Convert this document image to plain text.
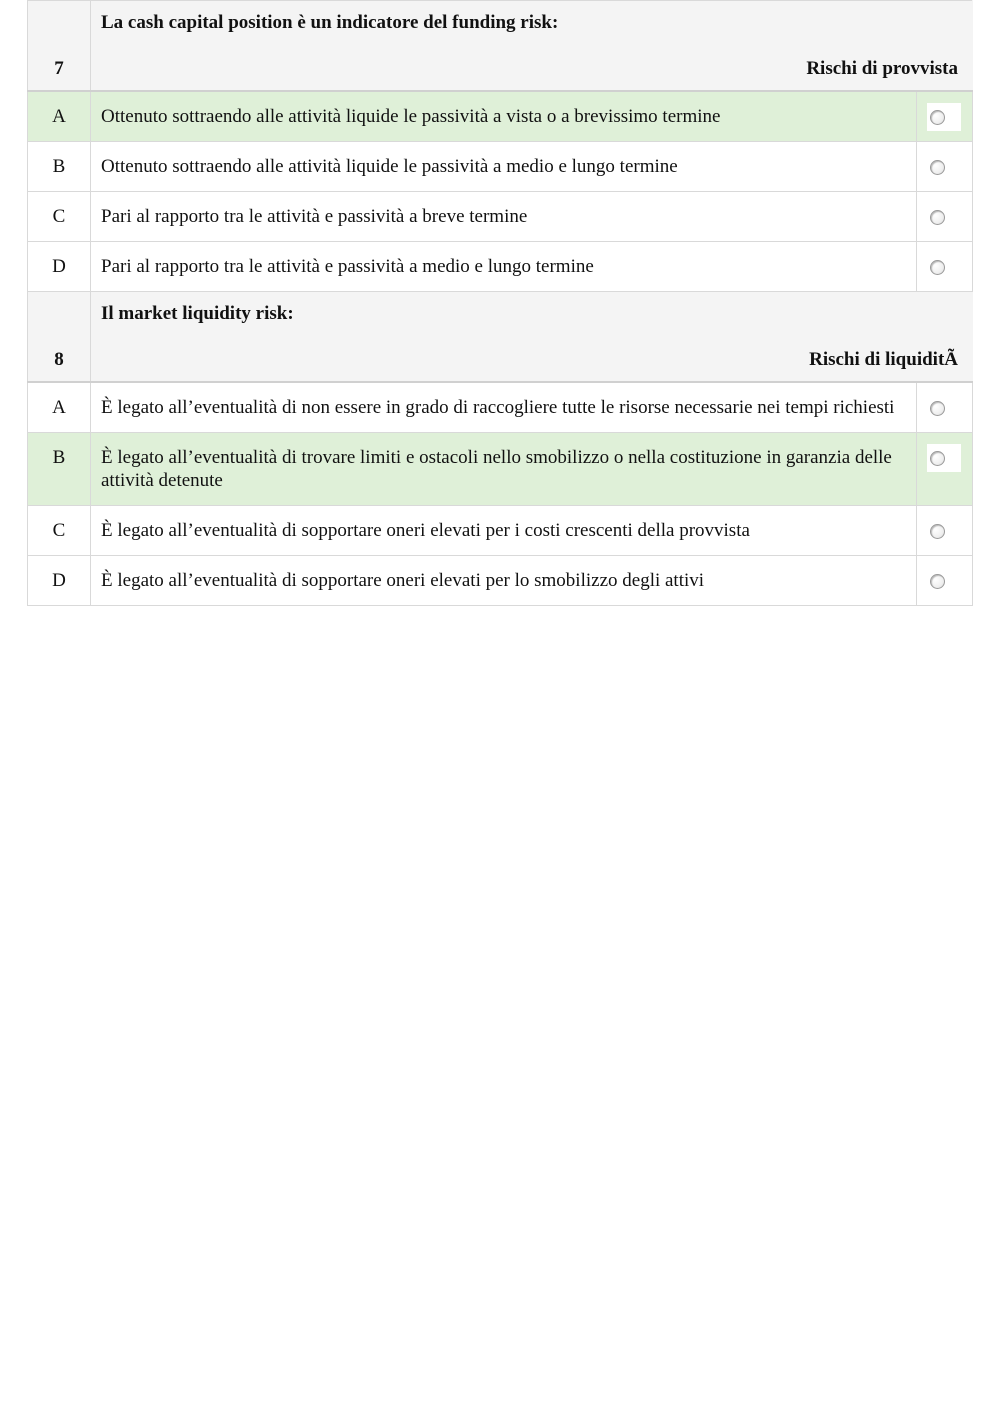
7	La cash capital position è un indicatore del funding risk:
Rischi di provvista	

A	Ottenuto sottraendo alle attività liquide le passività a vista o a brevissimo termine	

B	Ottenuto sottraendo alle attività liquide le passività a medio e lungo termine	

C	Pari al rapporto tra le attività e passività a breve termine	

D	Pari al rapporto tra le attività e passività a medio e lungo termine	

8	Il market liquidity risk:
Rischi di liquiditÃ	

A	È legato all’eventualità di non essere in grado di raccogliere tutte le risorse necessarie nei tempi richiesti	

B	È legato all’eventualità di trovare limiti e ostacoli nello smobilizzo o nella costituzione in garanzia delle attività detenute	

C	È legato all’eventualità di sopportare oneri elevati per i costi crescenti della provvista	

D	È legato all’eventualità di sopportare oneri elevati per lo smobilizzo degli attivi	
